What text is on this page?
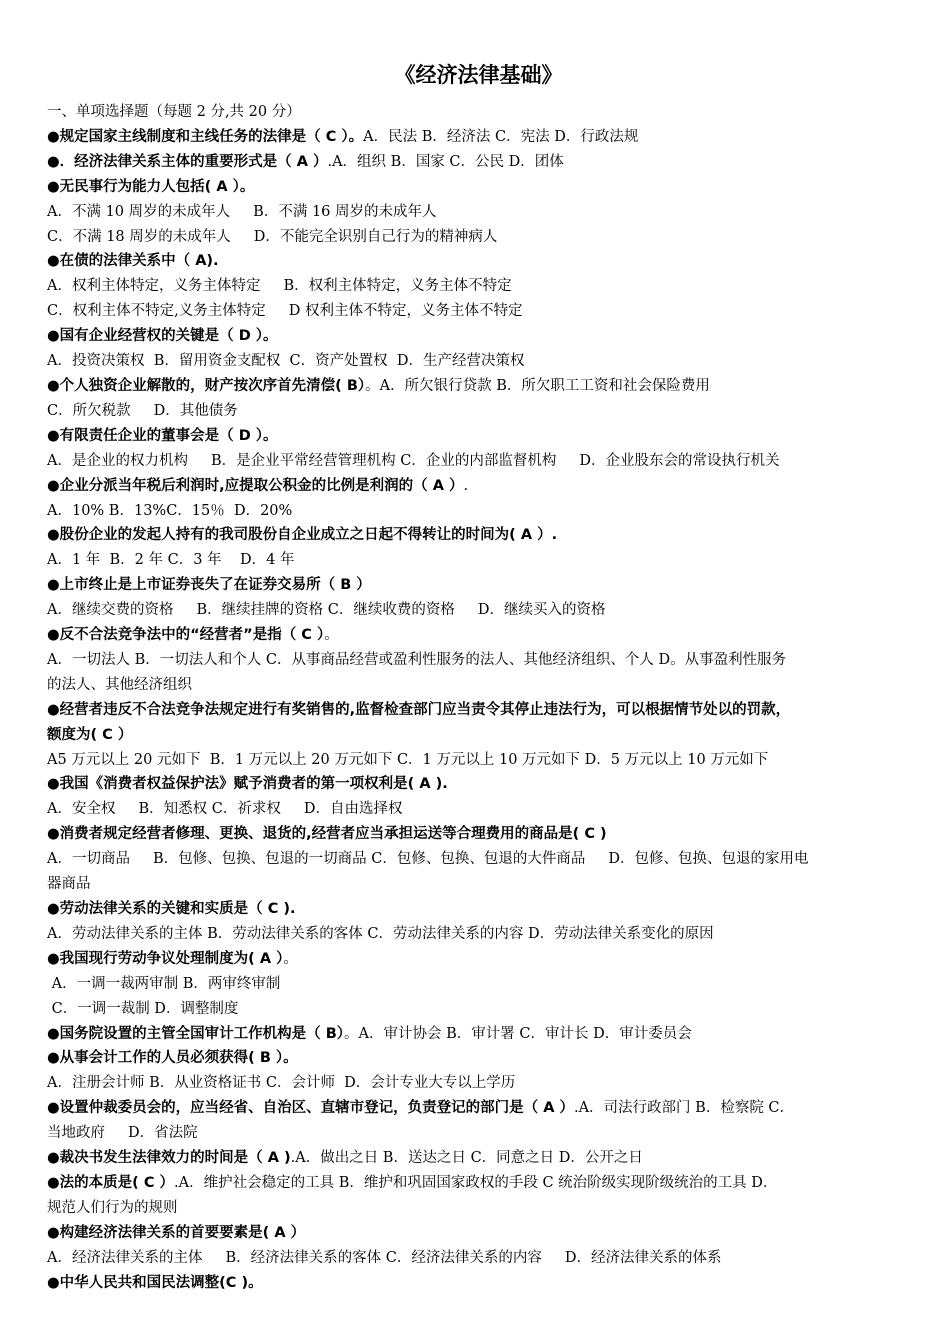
《经济法律基础》
一、单项选择题（每题 2 分,共 20 分）
●规定国家主线制度和主线任务的法律是（ C ）。A．民法 B．经济法 C．宪法 D．行政法规
●．经济法律关系主体的重要形式是（ A ）.A．组织 B．国家 C．公民 D．团体
●无民事行为能力人包括( A ）。
A．不满 10 周岁的未成年人     B．不满 16 周岁的未成年人
C．不满 18 周岁的未成年人     D．不能完全识别自己行为的精神病人
●在债的法律关系中（ A).
A．权利主体特定，义务主体特定     B．权利主体特定，义务主体不特定
C．权利主体不特定,义务主体特定     D 权利主体不特定，义务主体不特定
●国有企业经营权的关键是（ D ）。
A．投资决策权  B．留用资金支配权  C．资产处置权  D．生产经营决策权
●个人独资企业解散的，财产按次序首先清偿( B）。A．所欠银行贷款 B．所欠职工工资和社会保险费用
C．所欠税款     D．其他债务
●有限责任企业的董事会是（ D ）。
A．是企业的权力机构     B．是企业平常经营管理机构 C．企业的内部监督机构     D．企业股东会的常设执行机关
●企业分派当年税后利润时,应提取公积金的比例是利润的（ A ）.
A．10% B．13%C．15％  D．20%
●股份企业的发起人持有的我司股份自企业成立之日起不得转让的时间为( A ）.
A．1 年  B．2 年 C．3 年    D．4 年
●上市终止是上市证券丧失了在证券交易所（ B ）
A．继续交费的资格     B．继续挂牌的资格 C．继续收费的资格     D．继续买入的资格
●反不合法竞争法中的“经营者”是指（ C ）。
A．一切法人 B．一切法人和个人 C．从事商品经营或盈利性服务的法人、其他经济组织、个人 D。从事盈利性服务
的法人、其他经济组织
●经营者违反不合法竞争法规定进行有奖销售的,监督检查部门应当责令其停止违法行为，可以根据情节处以的罚款，
额度为( C ）
A5 万元以上 20 元如下  B．1 万元以上 20 万元如下 C．1 万元以上 10 万元如下 D．5 万元以上 10 万元如下
●我国《消费者权益保护法》赋予消费者的第一项权利是( A ).
A．安全权     B．知悉权 C．祈求权     D．自由选择权
●消费者规定经营者修理、更换、退货的,经营者应当承担运送等合理费用的商品是( C )
A．一切商品     B．包修、包换、包退的一切商品 C．包修、包换、包退的大件商品     D．包修、包换、包退的家用电
器商品
●劳动法律关系的关键和实质是（ C ).
A．劳动法律关系的主体 B．劳动法律关系的客体 C．劳动法律关系的内容 D．劳动法律关系变化的原因
●我国现行劳动争议处理制度为( A ）。
A．一调一裁两审制 B．两审终审制
C．一调一裁制 D．调整制度
●国务院设置的主管全国审计工作机构是（ B）。A．审计协会 B．审计署 C．审计长 D．审计委员会
●从事会计工作的人员必须获得( B ）。
A．注册会计师 B．从业资格证书 C．会计师  D．会计专业大专以上学历
●设置仲裁委员会的，应当经省、自治区、直辖市登记，负责登记的部门是（ A ）.A．司法行政部门 B．检察院 C．
当地政府     D．省法院
●裁决书发生法律效力的时间是（ A ).A．做出之日 B．送达之日 C．同意之日 D．公开之日
●法的本质是( C ）.A．维护社会稳定的工具 B．维护和巩固国家政权的手段 C 统治阶级实现阶级统治的工具 D．
规范人们行为的规则
●构建经济法律关系的首要要素是( A ）
A．经济法律关系的主体     B．经济法律关系的客体 C．经济法律关系的内容     D．经济法律关系的体系
●中华人民共和国民法调整(C )。
